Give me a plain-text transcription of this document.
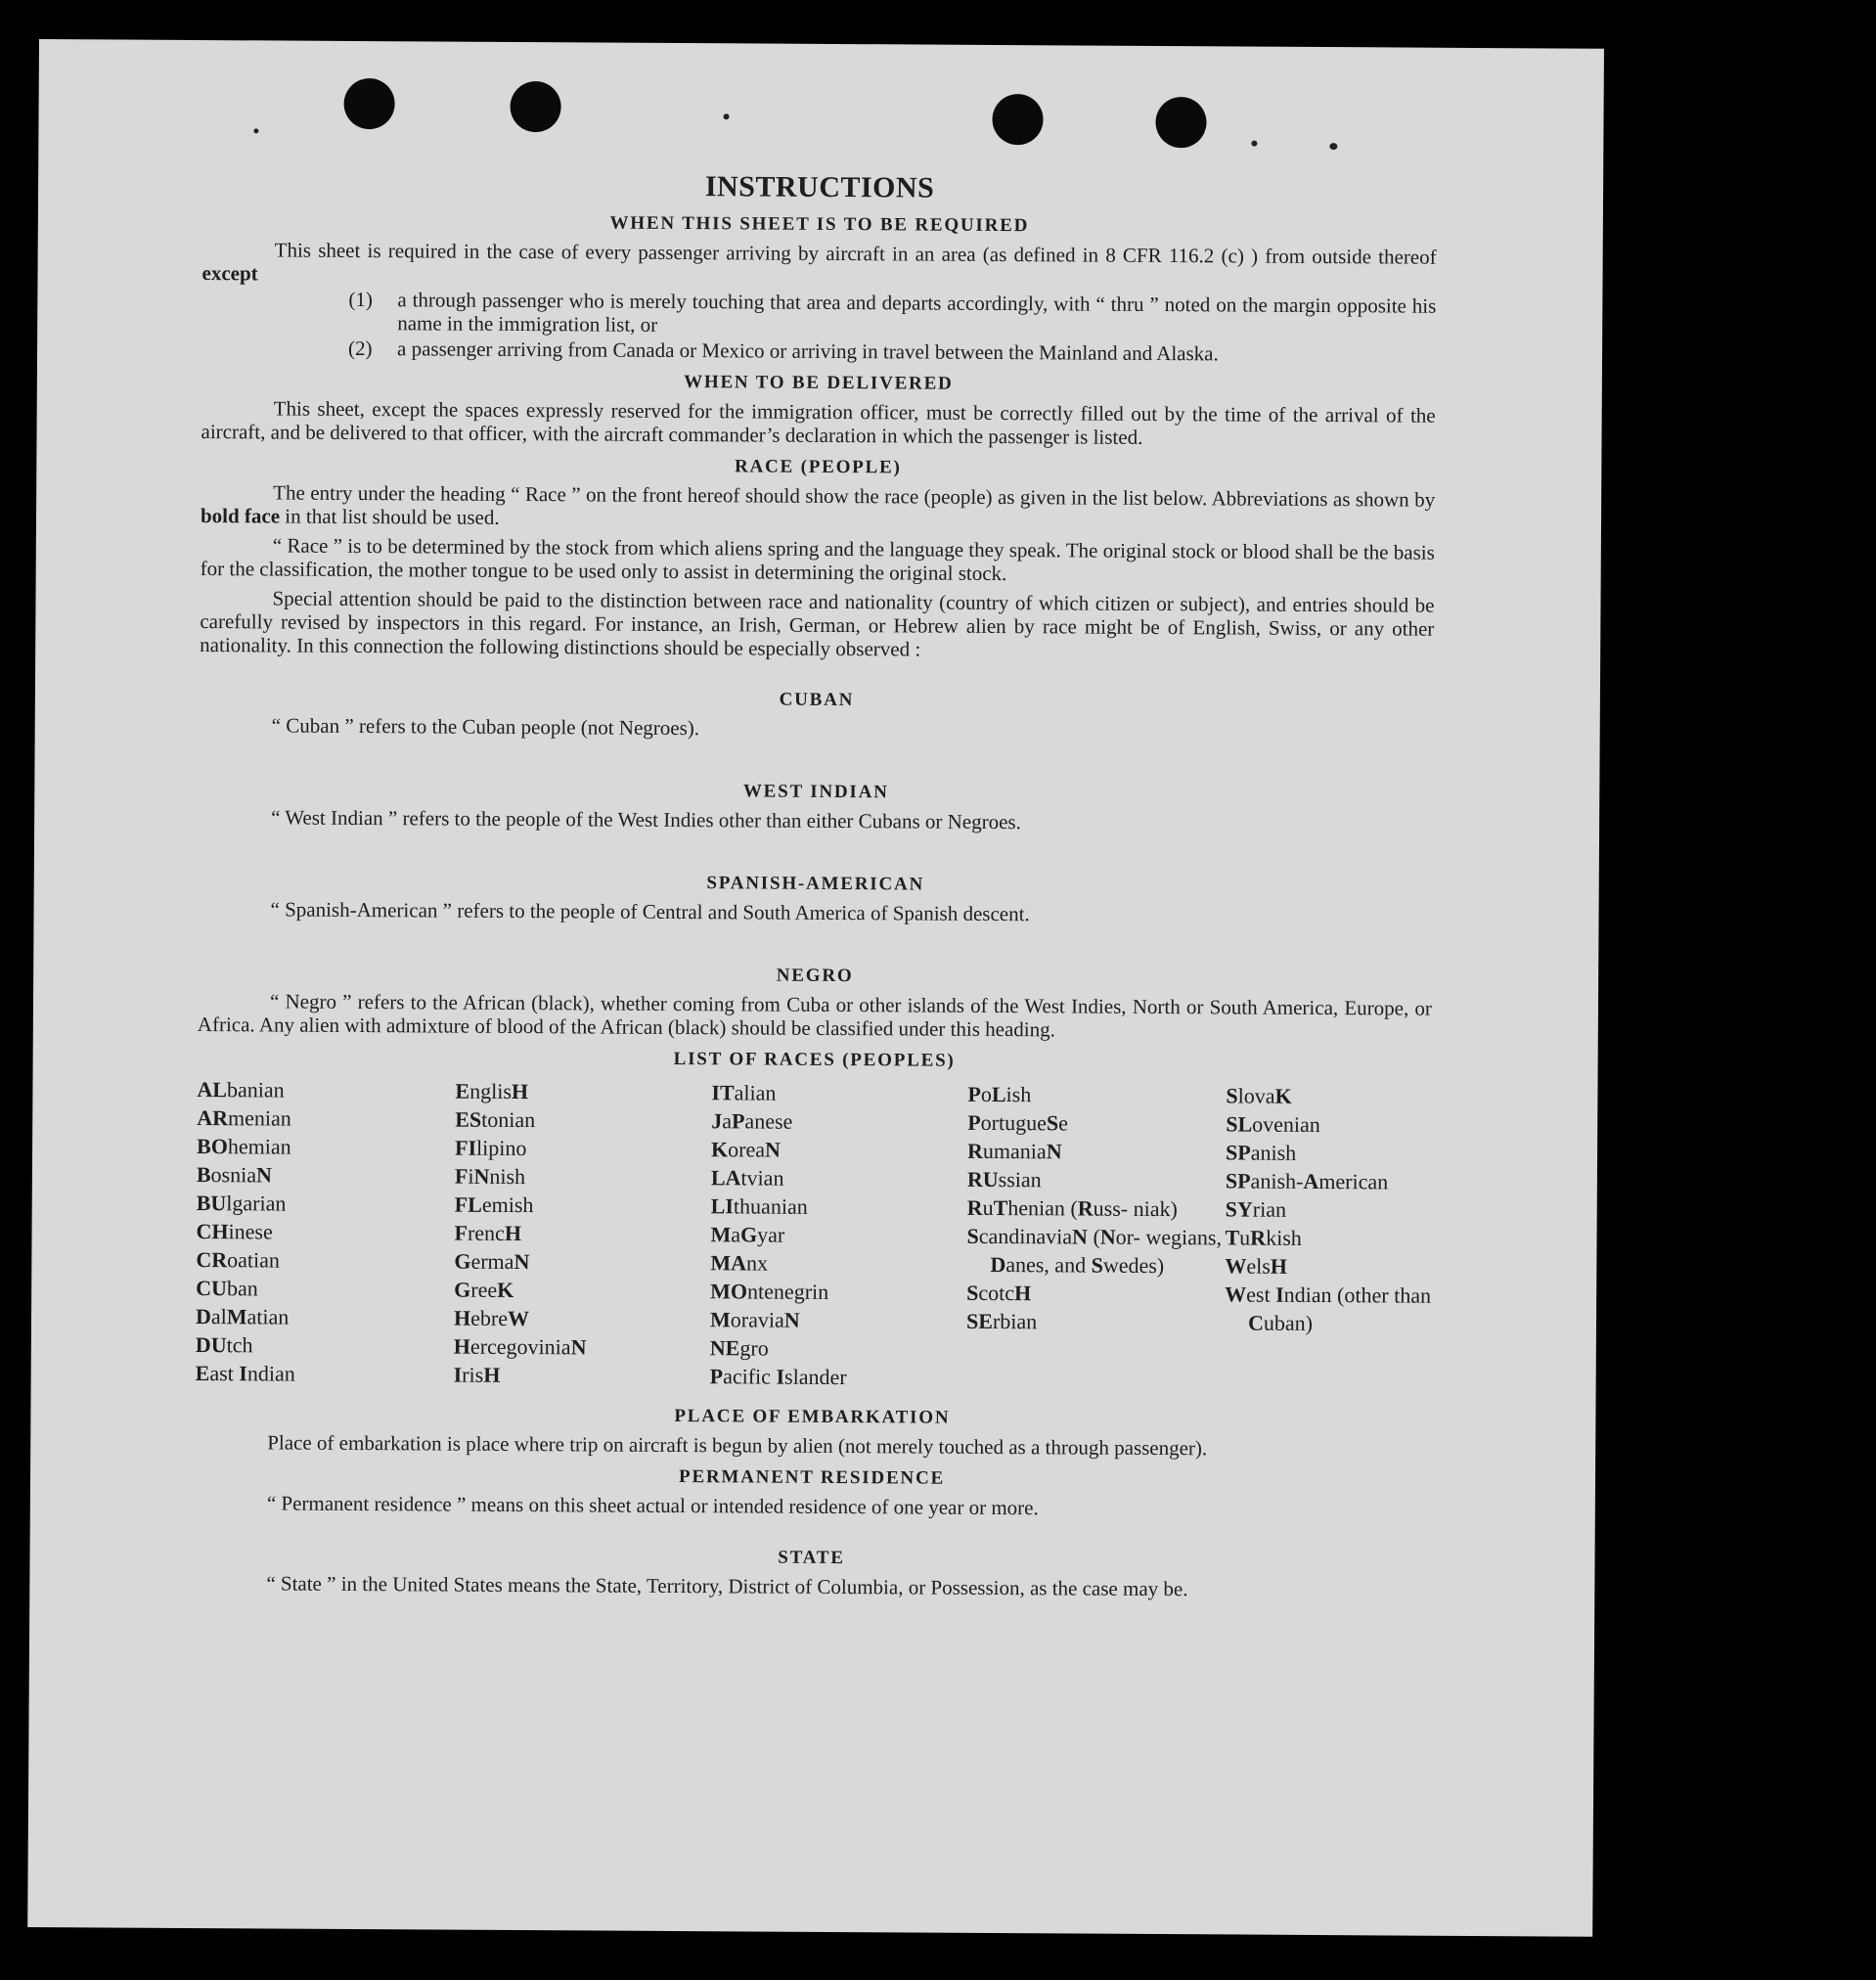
INSTRUCTIONS
WHEN THIS SHEET IS TO BE REQUIRED

This sheet is required in the case of every passenger arriving by aircraft in an area (as defined in 8 CFR 116.2 (c) ) from outside thereof except

(1)	a through passenger who is merely touching that area and departs accordingly, with “ thru ” noted on the margin opposite his name in the immigration list, or
(2)	a passenger arriving from Canada or Mexico or arriving in travel between the Mainland and Alaska.
WHEN TO BE DELIVERED

This sheet, except the spaces expressly reserved for the immigration officer, must be correctly filled out by the time of the arrival of the aircraft, and be delivered to that officer, with the aircraft commander’s declaration in which the passenger is listed.

RACE (PEOPLE)

The entry under the heading “ Race ” on the front hereof should show the race (people) as given in the list below. Abbreviations as shown by bold face in that list should be used.

“ Race ” is to be determined by the stock from which aliens spring and the language they speak. The original stock or blood shall be the basis for the classification, the mother tongue to be used only to assist in determining the original stock.

Special attention should be paid to the distinction between race and nationality (country of which citizen or subject), and entries should be carefully revised by inspectors in this regard. For instance, an Irish, German, or Hebrew alien by race might be of English, Swiss, or any other nationality. In this connection the following distinctions should be especially observed :

CUBAN

“ Cuban ” refers to the Cuban people (not Negroes).

WEST INDIAN

“ West Indian ” refers to the people of the West Indies other than either Cubans or Negroes.

SPANISH-AMERICAN

“ Spanish-American ” refers to the people of Central and South America of Spanish descent.

NEGRO

“ Negro ” refers to the African (black), whether coming from Cuba or other islands of the West Indies, North or South America, Europe, or Africa. Any alien with admixture of blood of the African (black) should be classified under this heading.

LIST OF RACES (PEOPLES)
ALbanian
ARmenian
BOhemian
BosniaN
BUlgarian
CHinese
CRoatian
CUban
DalMatian
DUtch
East Indian
EnglisH
EStonian
FIlipino
FiNnish
FLemish
FrencH
GermaN
GreeK
HebreW
HercegoviniaN
IrisH
ITalian
JaPanese
KoreaN
LAtvian
LIthuanian
MaGyar
MAnx
MOntenegrin
MoraviaN
NEgro
Pacific Islander
PoLish
PortugueSe
RumaniaN
RUssian
RuThenian (Russ- niak)
ScandinaviaN (Nor- wegians, Danes, and Swedes)
ScotcH
SErbian
SlovaK
SLovenian
SPanish
SPanish-American
SYrian
TuRkish
WelsH
West Indian (other than Cuban)
PLACE OF EMBARKATION

Place of embarkation is place where trip on aircraft is begun by alien (not merely touched as a through passenger).

PERMANENT RESIDENCE

“ Permanent residence ” means on this sheet actual or intended residence of one year or more.

STATE

“ State ” in the United States means the State, Territory, District of Columbia, or Possession, as the case may be.
